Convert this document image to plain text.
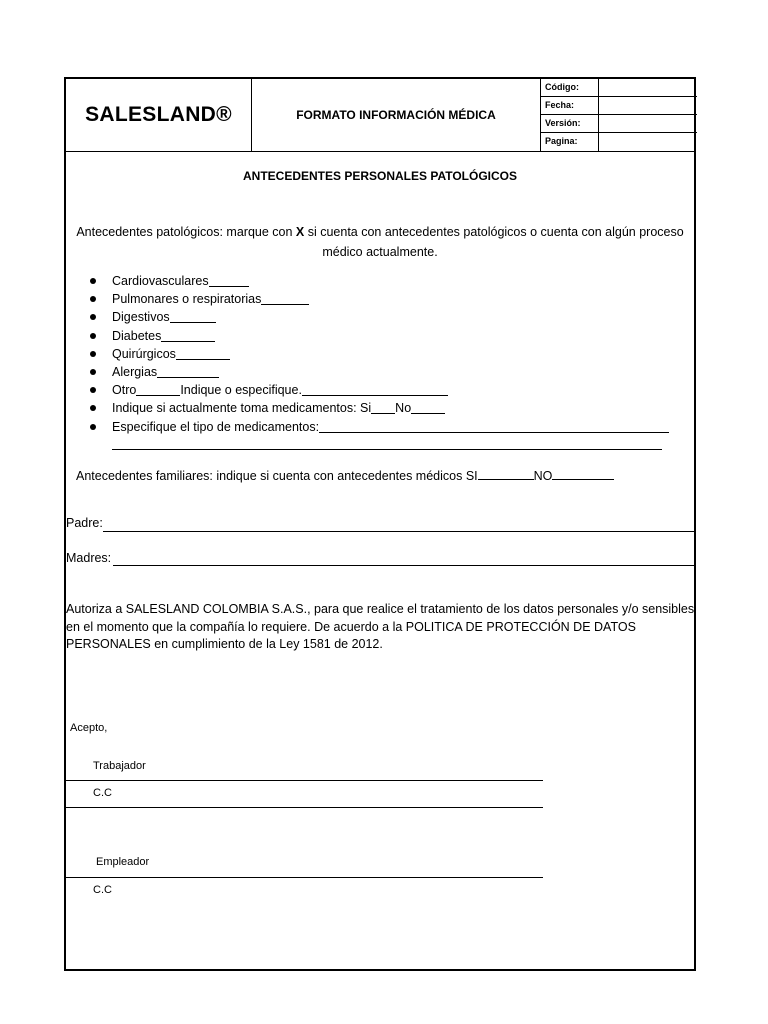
SALESLAND®	FORMATO INFORMACIÓN MÉDICA
Código:
Fecha:
Versión:
Pagina:
ANTECEDENTES PERSONALES PATOLÓGICOS
Antecedentes patológicos: marque con X si cuenta con antecedentes patológicos o cuenta con algún proceso médico actualmente.
Cardiovasculares
Pulmonares o respiratorias
Digestivos
Diabetes
Quirúrgicos
Alergias
Otro	Indique o especifique.
Indique si actualmente toma medicamentos: Si No
Especifique el tipo de medicamentos:
Antecedentes familiares: indique si cuenta con antecedentes médicos SI	NO
Padre:
Madres:
Autoriza a SALESLAND COLOMBIA S.A.S., para que realice el tratamiento de los datos personales y/o sensibles en el momento que la compañía lo requiere. De acuerdo a la POLITICA DE PROTECCIÓN DE DATOS PERSONALES en cumplimiento de la Ley 1581 de 2012.
Acepto,
Trabajador
C.C
Empleador
C.C
